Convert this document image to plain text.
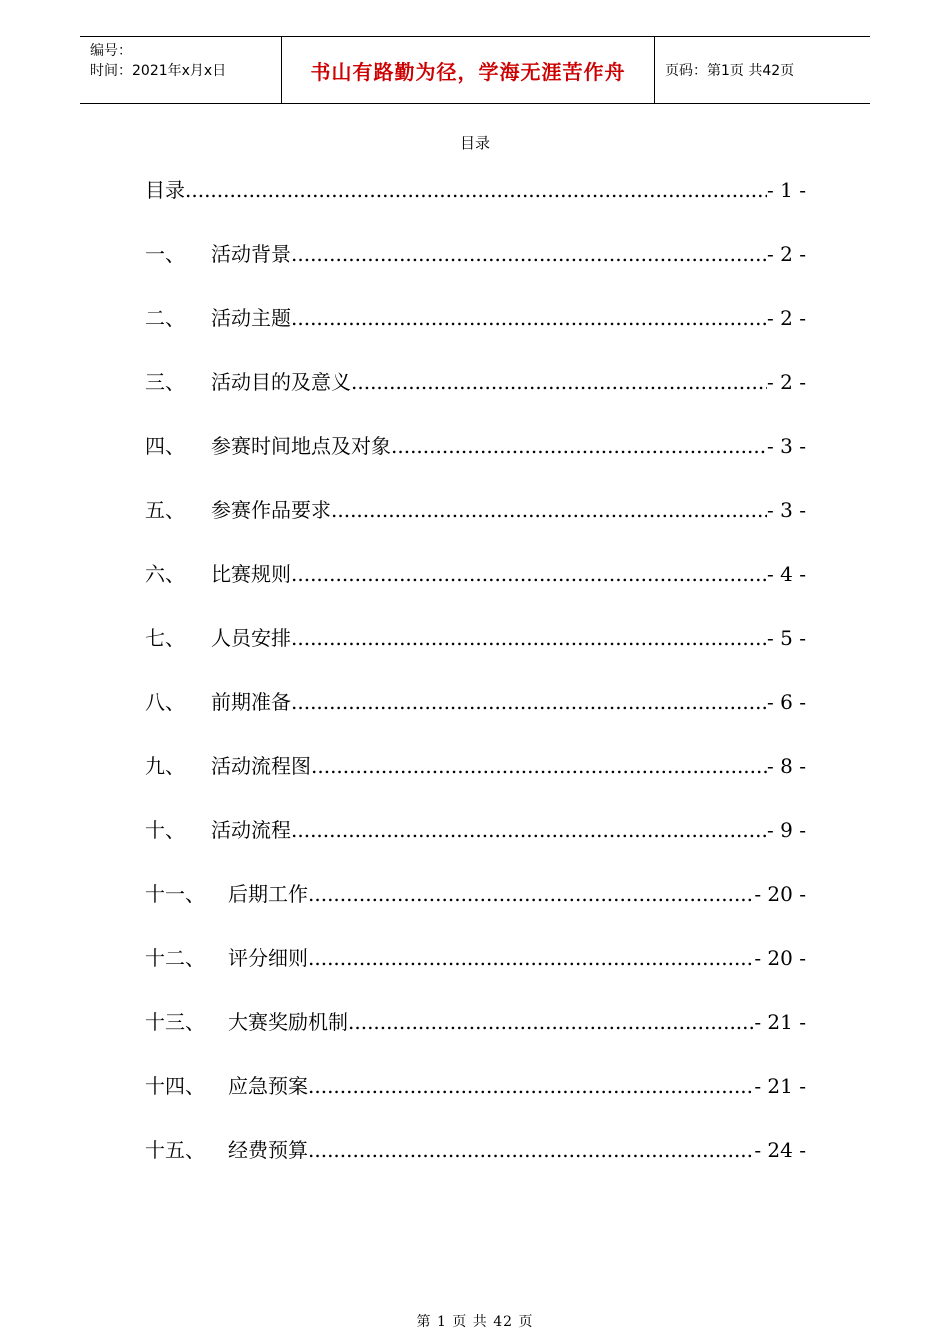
编号：
时间：2021年x月x日	书山有路勤为径，学海无涯苦作舟	页码：第1页 共42页
目录
目录 .....	- 1 -
一、	活动背景 .....	- 2 -
二、	活动主题 .....	- 2 -
三、	活动目的及意义 .....	- 2 -
四、	参赛时间地点及对象 .....	- 3 -
五、	参赛作品要求 .....	- 3 -
六、	比赛规则 .....	- 4 -
七、	人员安排 .....	- 5 -
八、	前期准备 .....	- 6 -
九、	活动流程图 .....	- 8 -
十、	活动流程 .....	- 9 -
十一、	后期工作 .....	- 20 -
十二、	评分细则 .....	- 20 -
十三、	大赛奖励机制 .....	- 21 -
十四、	应急预案 .....	- 21 -
十五、	经费预算 .....	- 24 -
第 1 页 共 42 页
